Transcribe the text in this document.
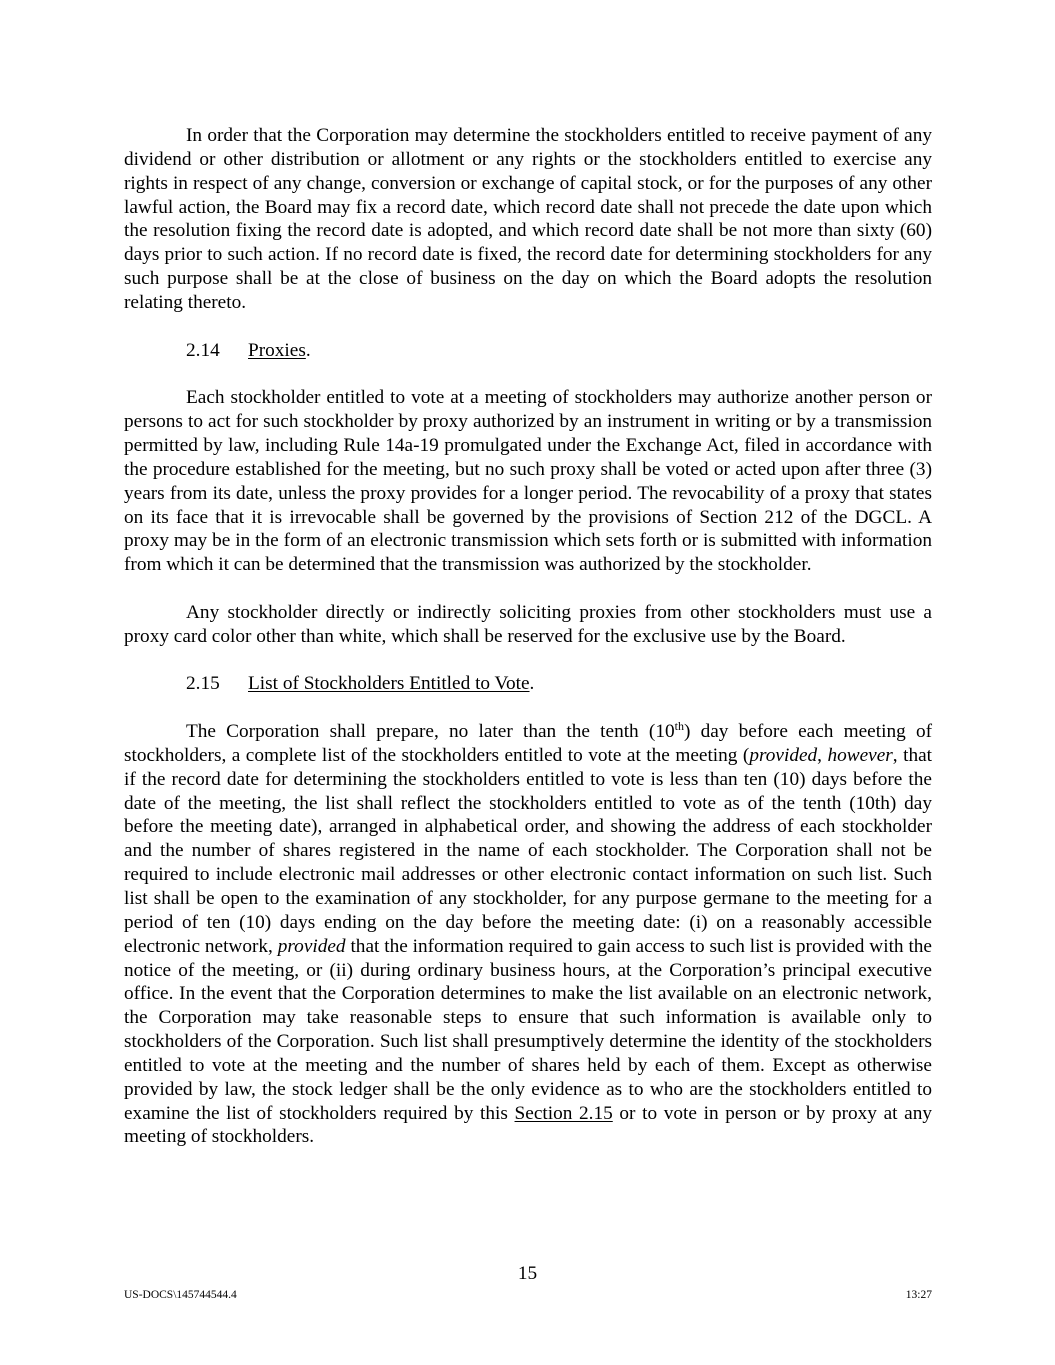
In order that the Corporation may determine the stockholders entitled to receive payment of any dividend or other distribution or allotment or any rights or the stockholders entitled to exercise any rights in respect of any change, conversion or exchange of capital stock, or for the purposes of any other lawful action, the Board may fix a record date, which record date shall not precede the date upon which the resolution fixing the record date is adopted, and which record date shall be not more than sixty (60) days prior to such action. If no record date is fixed, the record date for determining stockholders for any such purpose shall be at the close of business on the day on which the Board adopts the resolution relating thereto.

2.14 Proxies.

Each stockholder entitled to vote at a meeting of stockholders may authorize another person or persons to act for such stockholder by proxy authorized by an instrument in writing or by a transmission permitted by law, including Rule 14a-19 promulgated under the Exchange Act, filed in accordance with the procedure established for the meeting, but no such proxy shall be voted or acted upon after three (3) years from its date, unless the proxy provides for a longer period. The revocability of a proxy that states on its face that it is irrevocable shall be governed by the provisions of Section 212 of the DGCL. A proxy may be in the form of an electronic transmission which sets forth or is submitted with information from which it can be determined that the transmission was authorized by the stockholder.

Any stockholder directly or indirectly soliciting proxies from other stockholders must use a proxy card color other than white, which shall be reserved for the exclusive use by the Board.

2.15 List of Stockholders Entitled to Vote.

The Corporation shall prepare, no later than the tenth (10th) day before each meeting of stockholders, a complete list of the stockholders entitled to vote at the meeting (provided, however, that if the record date for determining the stockholders entitled to vote is less than ten (10) days before the date of the meeting, the list shall reflect the stockholders entitled to vote as of the tenth (10th) day before the meeting date), arranged in alphabetical order, and showing the address of each stockholder and the number of shares registered in the name of each stockholder. The Corporation shall not be required to include electronic mail addresses or other electronic contact information on such list. Such list shall be open to the examination of any stockholder, for any purpose germane to the meeting for a period of ten (10) days ending on the day before the meeting date: (i) on a reasonably accessible electronic network, provided that the information required to gain access to such list is provided with the notice of the meeting, or (ii) during ordinary business hours, at the Corporation’s principal executive office. In the event that the Corporation determines to make the list available on an electronic network, the Corporation may take reasonable steps to ensure that such information is available only to stockholders of the Corporation. Such list shall presumptively determine the identity of the stockholders entitled to vote at the meeting and the number of shares held by each of them. Except as otherwise provided by law, the stock ledger shall be the only evidence as to who are the stockholders entitled to examine the list of stockholders required by this Section 2.15 or to vote in person or by proxy at any meeting of stockholders.

15
US-DOCS\145744544.4	13:27
